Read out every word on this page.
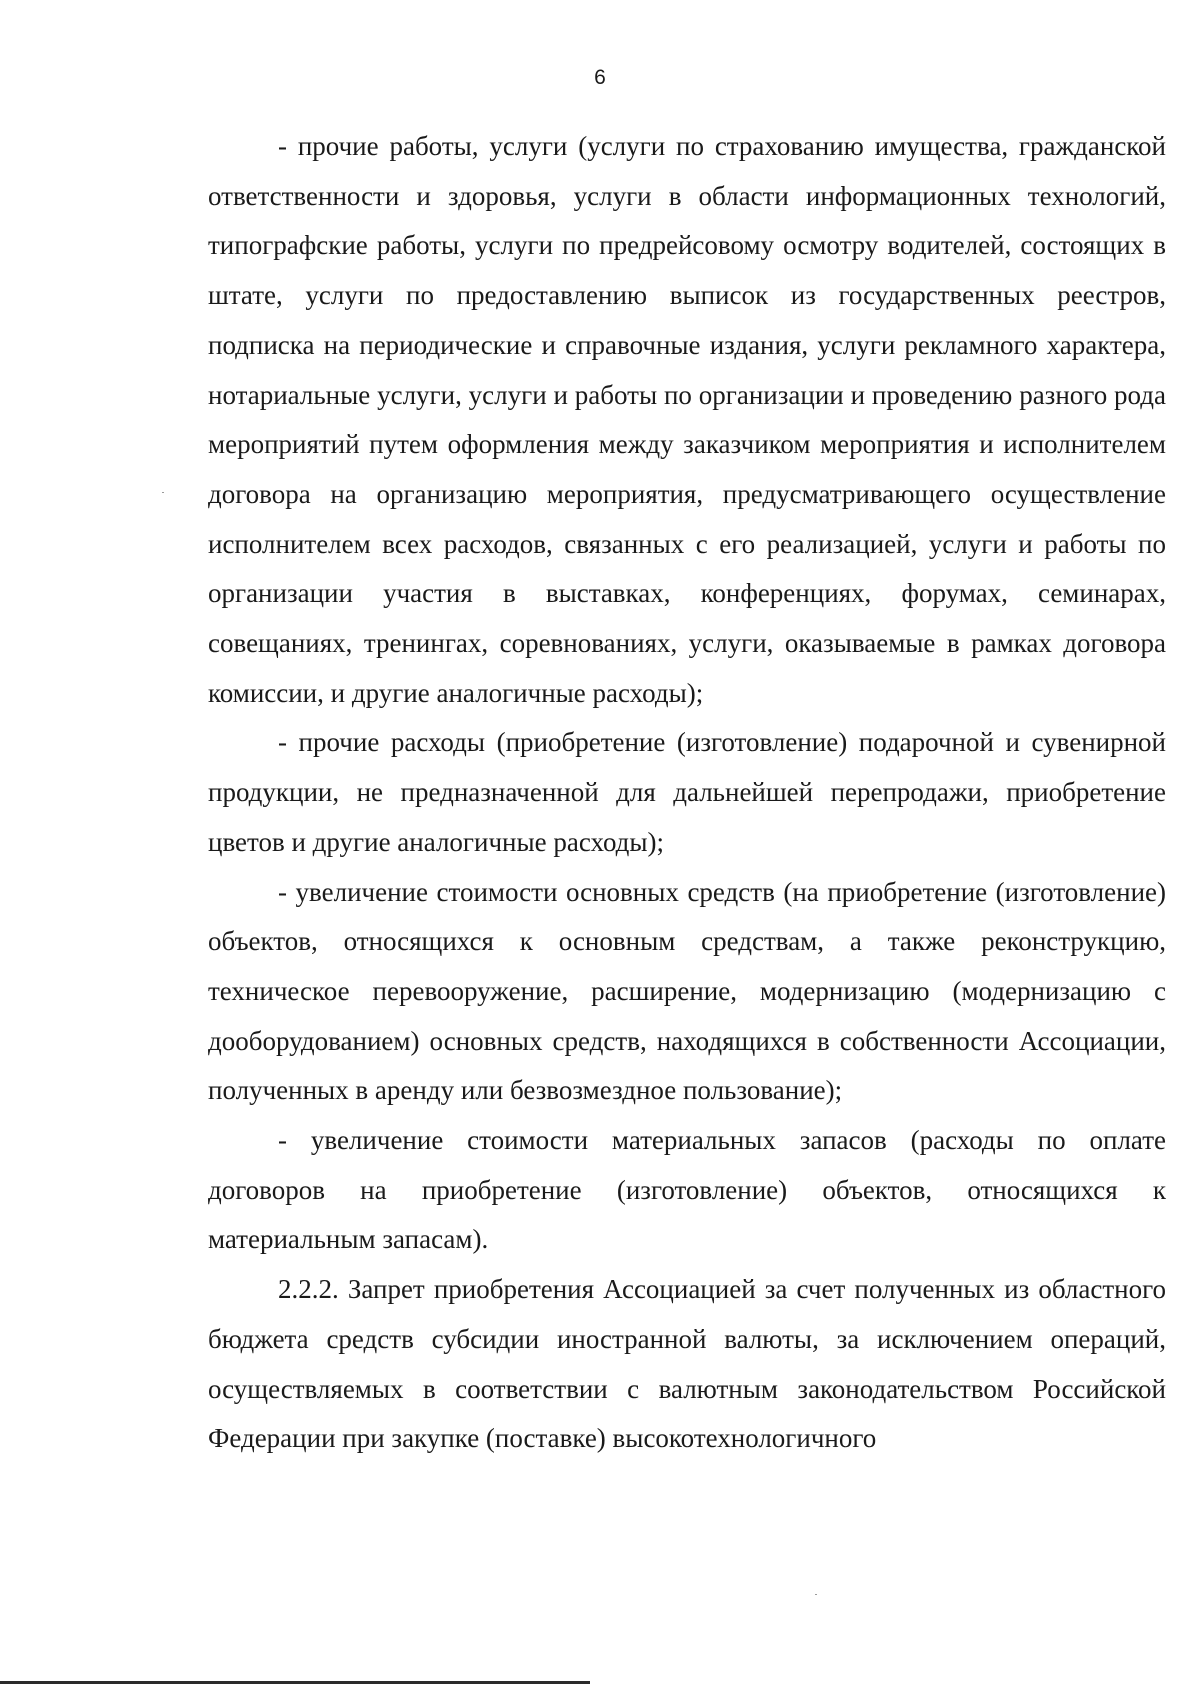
6

- прочие работы, услуги (услуги по страхованию имущества, гражданской ответственности и здоровья, услуги в области информационных технологий, типографские работы, услуги по предрейсовому осмотру водителей, состоящих в штате, услуги по предоставлению выписок из государственных реестров, подписка на периодические и справочные издания, услуги рекламного характера, нотариальные услуги, услуги и работы по организации и проведению разного рода мероприятий путем оформления между заказчиком мероприятия и исполнителем договора на организацию мероприятия, предусматривающего осуществление исполнителем всех расходов, связанных с его реализацией, услуги и работы по организации участия в выставках, конференциях, форумах, семинарах, совещаниях, тренингах, соревнованиях, услуги, оказываемые в рамках договора комиссии, и другие аналогичные расходы);

- прочие расходы (приобретение (изготовление) подарочной и сувенирной продукции, не предназначенной для дальнейшей перепродажи, приобретение цветов и другие аналогичные расходы);

- увеличение стоимости основных средств (на приобретение (изготовление) объектов, относящихся к основным средствам, а также реконструкцию, техническое перевооружение, расширение, модернизацию (модернизацию с дооборудованием) основных средств, находящихся в собственности Ассоциации, полученных в аренду или безвозмездное пользование);

- увеличение стоимости материальных запасов (расходы по оплате договоров на приобретение (изготовление) объектов, относящихся к материальным запасам).

2.2.2. Запрет приобретения Ассоциацией за счет полученных из областного бюджета средств субсидии иностранной валюты, за исключением операций, осуществляемых в соответствии с валютным законодательством Российской Федерации при закупке (поставке) высокотехнологичного
